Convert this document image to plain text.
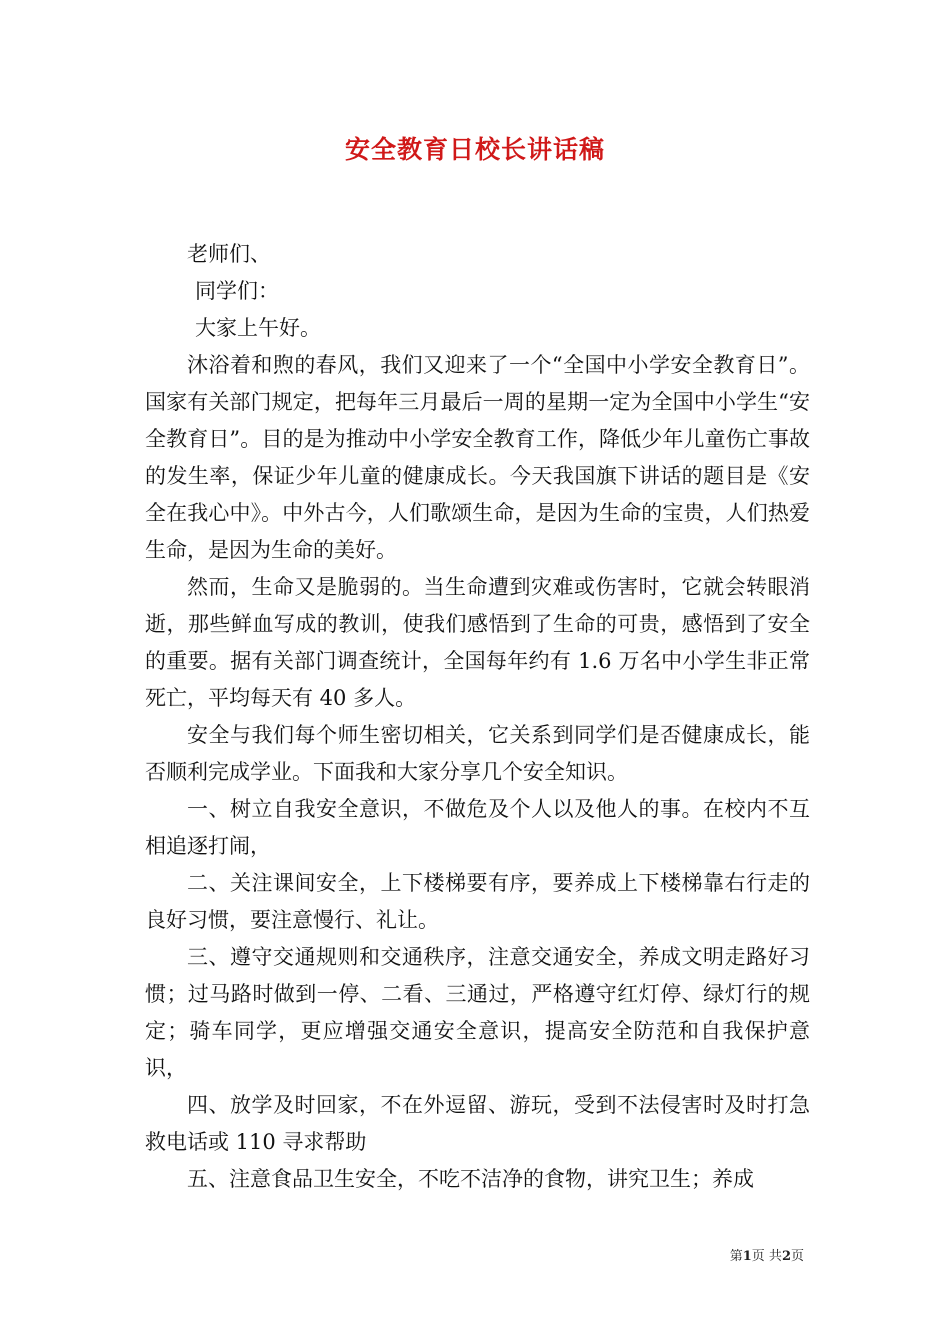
安全教育日校长讲话稿

老师们、

同学们：

大家上午好。

沐浴着和煦的春风，我们又迎来了一个“全国中小学安全教育日”。国家有关部门规定，把每年三月最后一周的星期一定为全国中小学生“安全教育日”。目的是为推动中小学安全教育工作，降低少年儿童伤亡事故的发生率，保证少年儿童的健康成长。今天我国旗下讲话的题目是《安全在我心中》。中外古今，人们歌颂生命，是因为生命的宝贵，人们热爱生命，是因为生命的美好。

然而，生命又是脆弱的。当生命遭到灾难或伤害时，它就会转眼消逝，那些鲜血写成的教训，使我们感悟到了生命的可贵，感悟到了安全的重要。据有关部门调查统计，全国每年约有 1.6 万名中小学生非正常死亡，平均每天有 40 多人。

安全与我们每个师生密切相关，它关系到同学们是否健康成长，能否顺利完成学业。下面我和大家分享几个安全知识。

一、树立自我安全意识，不做危及个人以及他人的事。在校内不互相追逐打闹，

二、关注课间安全，上下楼梯要有序，要养成上下楼梯靠右行走的良好习惯，要注意慢行、礼让。

三、遵守交通规则和交通秩序，注意交通安全，养成文明走路好习惯；过马路时做到一停、二看、三通过，严格遵守红灯停、绿灯行的规定；骑车同学，更应增强交通安全意识，提高安全防范和自我保护意识，

四、放学及时回家，不在外逗留、游玩，受到不法侵害时及时打急救电话或 110 寻求帮助

五、注意食品卫生安全，不吃不洁净的食物，讲究卫生；养成

第1页 共2页
